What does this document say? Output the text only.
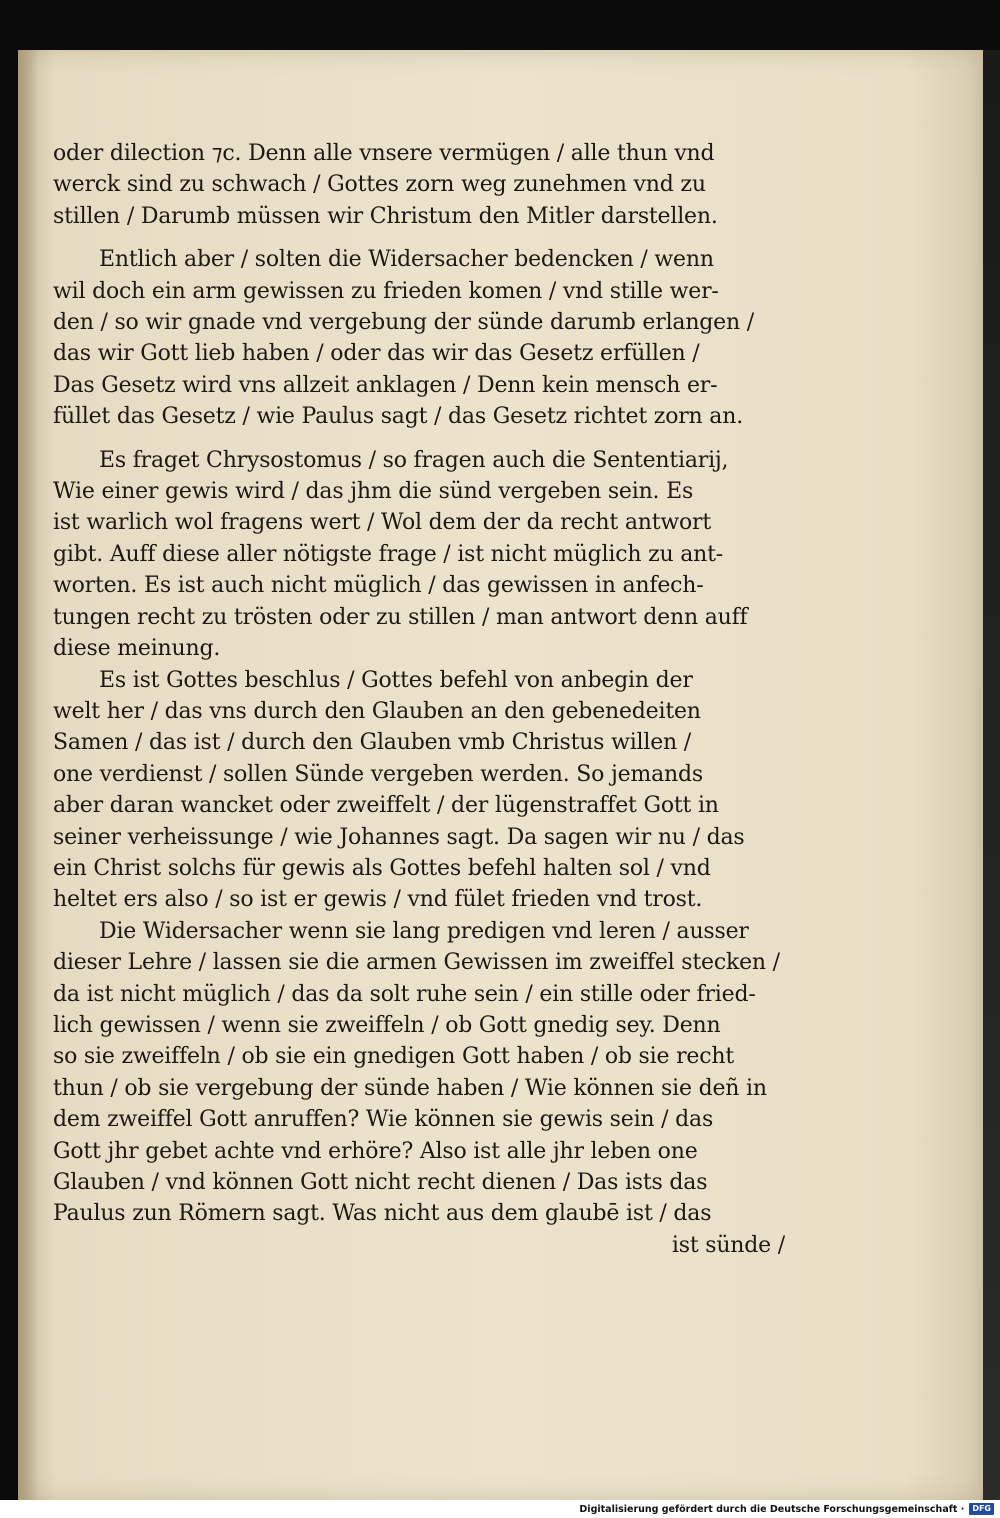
oder dilection ⁊c. Denn alle vnsere vermügen / alle thun vnd
werck sind zu schwach / Gottes zorn weg zunehmen vnd zu
stillen / Darumb müssen wir Christum den Mitler darstellen.
Entlich aber / solten die Widersacher bedencken / wenn
wil doch ein arm gewissen zu frieden komen / vnd stille wer-
den / so wir gnade vnd vergebung der sünde darumb erlangen /
das wir Gott lieb haben / oder das wir das Gesetz erfüllen /
Das Gesetz wird vns allzeit anklagen / Denn kein mensch er-
füllet das Gesetz / wie Paulus sagt / das Gesetz richtet zorn an.
Es fraget Chrysostomus / so fragen auch die Sententiarij,
Wie einer gewis wird / das jhm die sünd vergeben sein. Es
ist warlich wol fragens wert / Wol dem der da recht antwort
gibt. Auff diese aller nötigste frage / ist nicht müglich zu ant-
worten. Es ist auch nicht müglich / das gewissen in anfech-
tungen recht zu trösten oder zu stillen / man antwort denn auff
diese meinung.
Es ist Gottes beschlus / Gottes befehl von anbegin der
welt her / das vns durch den Glauben an den gebenedeiten
Samen / das ist / durch den Glauben vmb Christus willen /
one verdienst / sollen Sünde vergeben werden. So jemands
aber daran wancket oder zweiffelt / der lügenstraffet Gott in
seiner verheissunge / wie Johannes sagt. Da sagen wir nu / das
ein Christ solchs für gewis als Gottes befehl halten sol / vnd
heltet ers also / so ist er gewis / vnd fület frieden vnd trost.
Die Widersacher wenn sie lang predigen vnd leren / ausser
dieser Lehre / lassen sie die armen Gewissen im zweiffel stecken /
da ist nicht müglich / das da solt ruhe sein / ein stille oder fried-
lich gewissen / wenn sie zweiffeln / ob Gott gnedig sey. Denn
so sie zweiffeln / ob sie ein gnedigen Gott haben / ob sie recht
thun / ob sie vergebung der sünde haben / Wie können sie deñ in
dem zweiffel Gott anruffen? Wie können sie gewis sein / das
Gott jhr gebet achte vnd erhöre? Also ist alle jhr leben one
Glauben / vnd können Gott nicht recht dienen / Das ists das
Paulus zun Römern sagt. Was nicht aus dem glaubē ist / das
ist sünde /
Digitalisierung gefördert durch die Deutsche Forschungsgemeinschaft ·	DFG
